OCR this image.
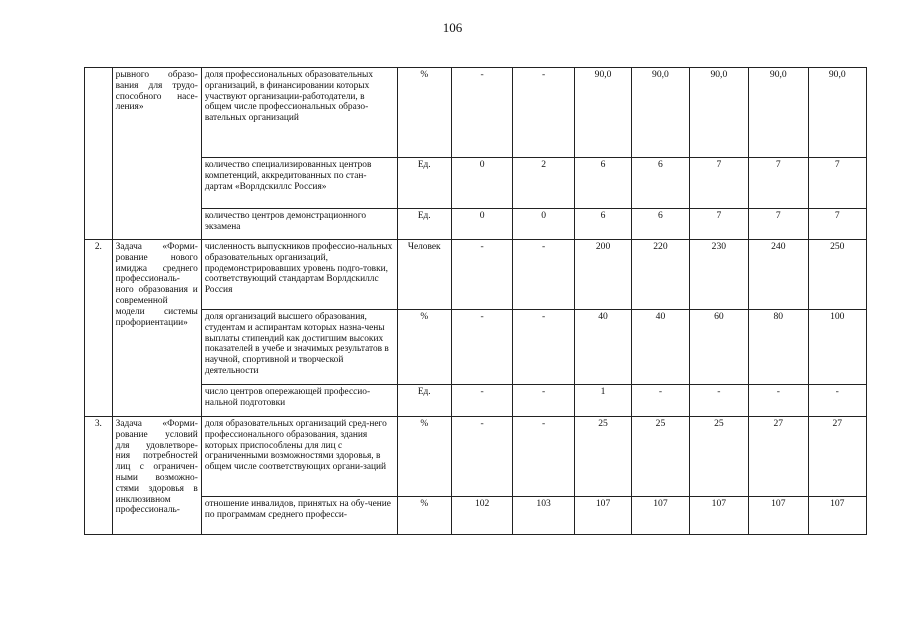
106
	рывного образо-вания для трудо-способного насе-ления»	доля профессиональных образовательных организаций, в финансировании которых участвуют организации-работодатели, в общем числе профессиональных образо-вательных организаций	%	-	-	90,0	90,0	90,0	90,0	90,0
		количество специализированных центров компетенций, аккредитованных по стан-дартам «Ворлдскиллс Россия»	Ед.	0	2	6	6	7	7	7
		количество центров демонстрационного экзамена	Ед.	0	0	6	6	7	7	7
2.	Задача «Форми-рование нового имиджа среднего профессиональ-ного образования и современной модели системы профориентации»	численность выпускников профессио-нальных образовательных организаций, продемонстрировавших уровень подго-товки, соответствующий стандартам Ворлдскиллс Россия	Человек	-	-	200	220	230	240	250
		доля организаций высшего образования, студентам и аспирантам которых назна-чены выплаты стипендий как достигшим высоких показателей в учебе и значимых результатов в научной, спортивной и творческой деятельности	%	-	-	40	40	60	80	100
		число центров опережающей профессио-нальной подготовки	Ед.	-	-	1	-	-	-	-
3.	Задача «Форми-рование условий для удовлетворе-ния потребностей лиц с ограничен-ными возможно-стями здоровья в инклюзивном профессиональ-	доля образовательных организаций сред-него профессионального образования, здания которых приспособлены для лиц с ограниченными возможностями здоровья, в общем числе соответствующих органи-заций	%	-	-	25	25	25	27	27
		отношение инвалидов, принятых на обу-чение по программам среднего професси-	%	102	103	107	107	107	107	107
